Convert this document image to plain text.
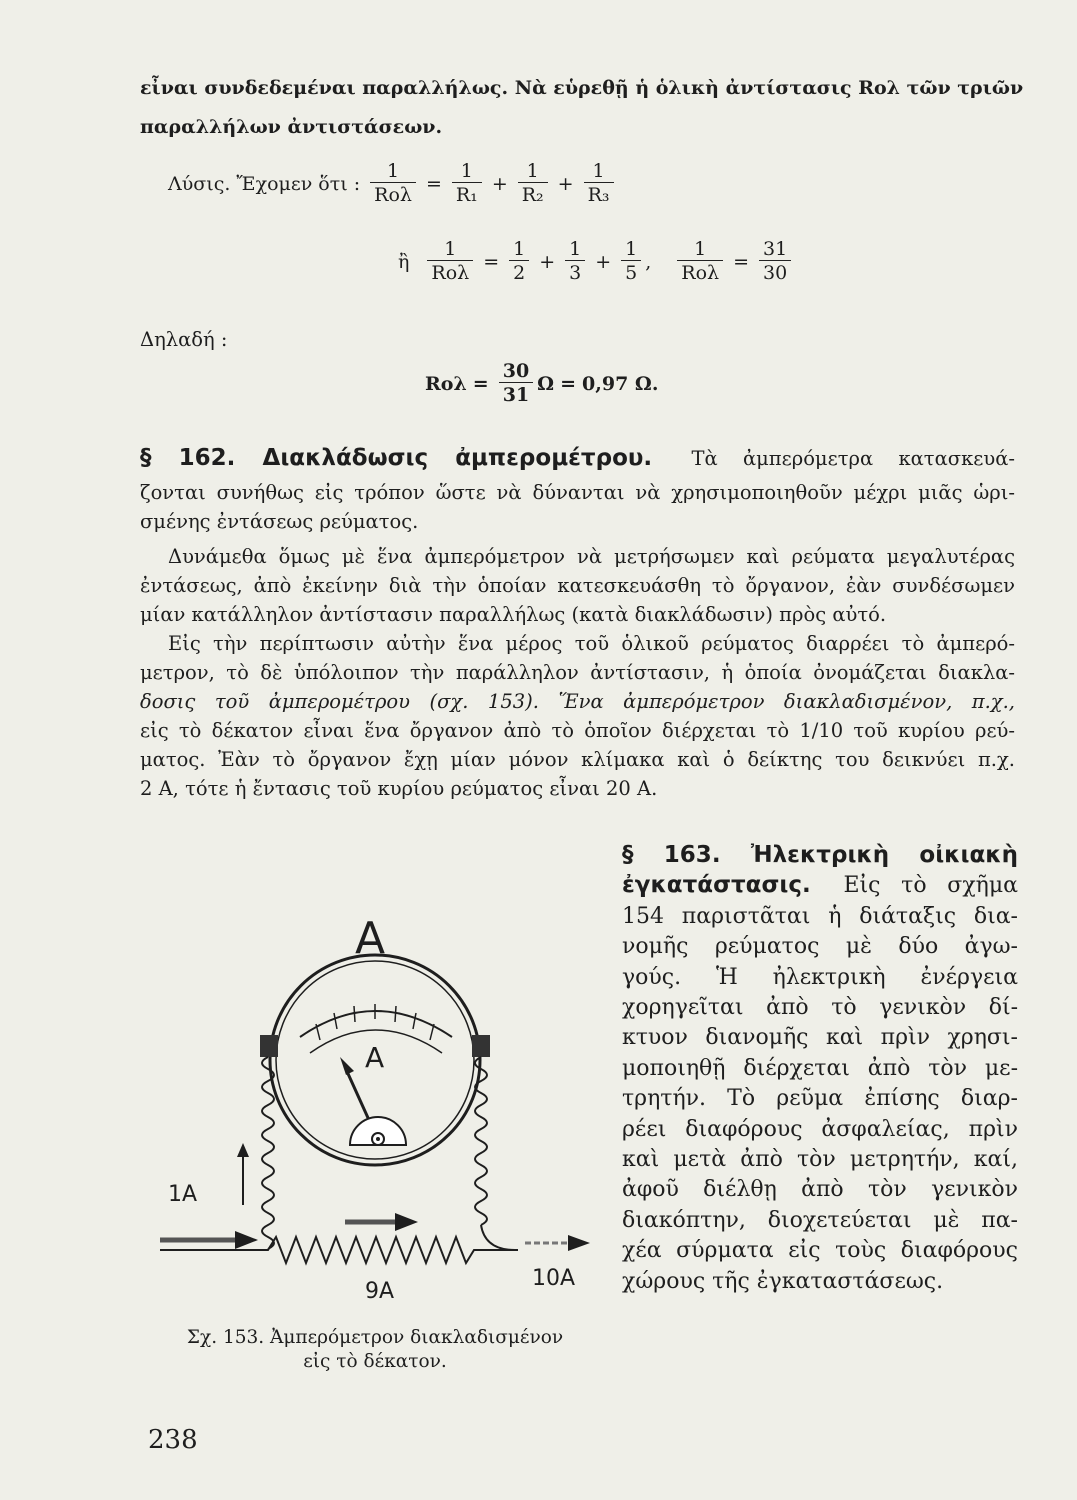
εἶναι συνδεδεμέναι παραλλήλως. Νὰ εὑρεθῇ ἡ ὁλικὴ ἀντίστασις Rολ τῶν τριῶν
παραλλήλων ἀντιστάσεων.
Λύσις. Ἔχομεν ὅτι : $\frac{1}{\text{Rολ}} = \frac{1}{\text{R₁}} + \frac{1}{\text{R₂}} + \frac{1}{\text{R₃}}$
ἢ $\frac{1}{\text{Rολ}} = \frac{1}{2} + \frac{1}{3} + \frac{1}{5}$ , $\frac{1}{\text{Rολ}} = \frac{31}{30}$
Δηλαδή :
$Ro\lambda = \frac{30}{31}$ Ω = 0,97 Ω.
§ 162. Διακλάδωσις ἀμπερομέτρου. Τὰ ἀμπερόμετρα κατασκευά-
ζονται συνήθως εἰς τρόπον ὥστε νὰ δύνανται νὰ χρησιμοποιηθοῦν μέχρι μιᾶς ὡρι-
σμένης ἐντάσεως ρεύματος.
Δυνάμεθα ὅμως μὲ ἕνα ἀμπερόμετρον νὰ μετρήσωμεν καὶ ρεύματα μεγαλυτέρας
ἐντάσεως, ἀπὸ ἐκείνην διὰ τὴν ὁποίαν κατεσκευάσθη τὸ ὄργανον, ἐὰν συνδέσωμεν
μίαν κατάλληλον ἀντίστασιν παραλλήλως (κατὰ διακλάδωσιν) πρὸς αὐτό.
Εἰς τὴν περίπτωσιν αὐτὴν ἕνα μέρος τοῦ ὁλικοῦ ρεύματος διαρρέει τὸ ἀμπερό-
μετρον, τὸ δὲ ὑπόλοιπον τὴν παράλληλον ἀντίστασιν, ἡ ὁποία ὀνομάζεται διακλα-
δοσις τοῦ ἀμπερομέτρου (σχ. 153). Ἕνα ἀμπερόμετρον διακλαδισμένον, π.χ.,
εἰς τὸ δέκατον εἶναι ἕνα ὄργανον ἀπὸ τὸ ὁποῖον διέρχεται τὸ 1/10 τοῦ κυρίου ρεύ-
ματος. Ἐὰν τὸ ὄργανον ἔχῃ μίαν μόνον κλίμακα καὶ ὁ δείκτης του δεικνύει π.χ.
2 A, τότε ἡ ἔντασις τοῦ κυρίου ρεύματος εἶναι 20 A.
§ 163. Ἠλεκτρικὴ οἰκιακὴ
ἐγκατάστασις. Εἰς τὸ σχῆμα
154 παριστᾶται ἡ διάταξις δια-
νομῆς ρεύματος μὲ δύο ἀγω-
γούς. Ἡ ἠλεκτρικὴ ἐνέργεια
χορηγεῖται ἀπὸ τὸ γενικὸν δί-
κτυον διανομῆς καὶ πρὶν χρησι-
μοποιηθῇ διέρχεται ἀπὸ τὸν με-
τρητήν. Τὸ ρεῦμα ἐπίσης διαρ-
ρέει διαφόρους ἀσφαλείας, πρὶν
καὶ μετὰ ἀπὸ τὸν μετρητήν, καί,
ἀφοῦ διέλθῃ ἀπὸ τὸν γενικὸν
διακόπτην, διοχετεύεται μὲ πα-
χέα σύρματα εἰς τοὺς διαφόρους
χώρους τῆς ἐγκαταστάσεως.
A
A
1A
9A
10A
Σχ. 153. Ἀμπερόμετρον διακλαδισμένον
εἰς τὸ δέκατον.
238
